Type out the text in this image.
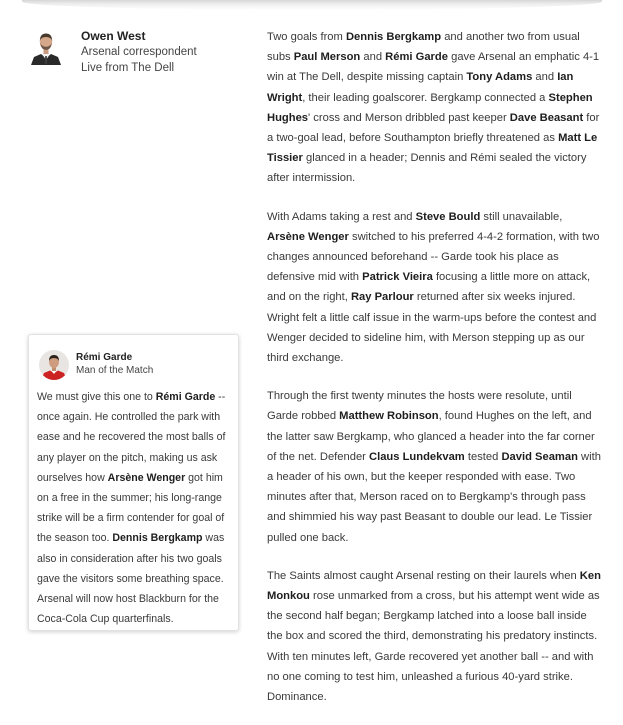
Owen West
Arsenal correspondent
Live from The Dell

Two goals from Dennis Bergkamp and another two from usual subs Paul Merson and Rémi Garde gave Arsenal an emphatic 4-1 win at The Dell, despite missing captain Tony Adams and Ian Wright, their leading goalscorer. Bergkamp connected a Stephen Hughes' cross and Merson dribbled past keeper Dave Beasant for a two-goal lead, before Southampton briefly threatened as Matt Le Tissier glanced in a header; Dennis and Rémi sealed the victory after intermission.

With Adams taking a rest and Steve Bould still unavailable, Arsène Wenger switched to his preferred 4-4-2 formation, with two changes announced beforehand -- Garde took his place as defensive mid with Patrick Vieira focusing a little more on attack, and on the right, Ray Parlour returned after six weeks injured. Wright felt a little calf issue in the warm-ups before the contest and Wenger decided to sideline him, with Merson stepping up as our third exchange.

Through the first twenty minutes the hosts were resolute, until Garde robbed Matthew Robinson, found Hughes on the left, and the latter saw Bergkamp, who glanced a header into the far corner of the net. Defender Claus Lundekvam tested David Seaman with a header of his own, but the keeper responded with ease. Two minutes after that, Merson raced on to Bergkamp's through pass and shimmied his way past Beasant to double our lead. Le Tissier pulled one back.

The Saints almost caught Arsenal resting on their laurels when Ken Monkou rose unmarked from a cross, but his attempt went wide as the second half began; Bergkamp latched into a loose ball inside the box and scored the third, demonstrating his predatory instincts. With ten minutes left, Garde recovered yet another ball -- and with no one coming to test him, unleashed a furious 40-yard strike. Dominance.

Rémi Garde
Man of the Match
We must give this one to Rémi Garde -- once again. He controlled the park with ease and he recovered the most balls of any player on the pitch, making us ask ourselves how Arsène Wenger got him on a free in the summer; his long-range strike will be a firm contender for goal of the season too. Dennis Bergkamp was also in consideration after his two goals gave the visitors some breathing space. Arsenal will now host Blackburn for the Coca-Cola Cup quarterfinals.
